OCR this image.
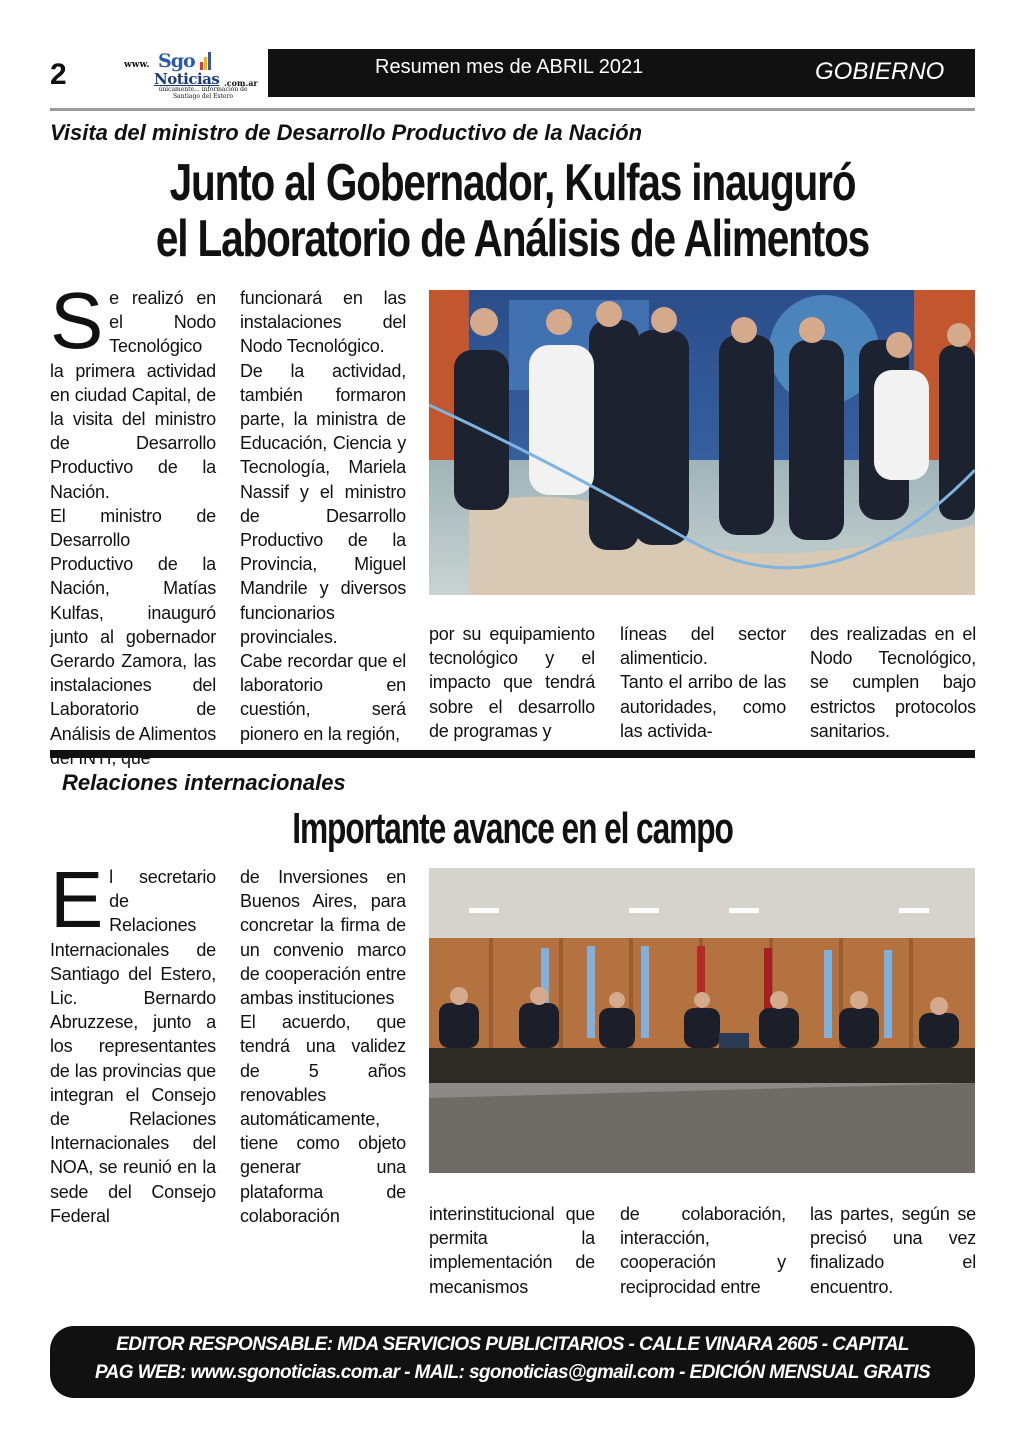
2	www. Sgo
Noticias .com.ar
únicamente... información de
Santiago del Estero
Resumen mes de ABRIL 2021	GOBIERNO
Visita del ministro de Desarrollo Productivo de la Nación
Junto al Gobernador, Kulfas inauguró
el Laboratorio de Análisis de Alimentos

Se realizó en el Nodo Tecnológico la primera actividad en ciudad Capital, de la visita del ministro de Desarrollo Productivo de la Nación.

El ministro de Desarrollo Productivo de la Nación, Matías Kulfas, inauguró junto al gobernador Gerardo Zamora, las instalaciones del Laboratorio de Análisis de Alimentos

funcionará en las instalaciones del Nodo Tecnológico.

De la actividad, también formaron parte, la ministra de Educación, Ciencia y Tecnología, Mariela Nassif y el ministro de Desarrollo Productivo de la Provincia, Miguel Mandrile y diversos funcionarios provinciales.

Cabe recordar que el laboratorio en cuestión, será pionero en la región,

por su equipamiento tecnológico y el impacto que tendrá sobre el desarrollo de programas y

líneas del sector alimenticio.

Tanto el arribo de las autoridades, como las activida-

des realizadas en el Nodo Tecnológico, se cumplen bajo estrictos protocolos sanitarios.
Relaciones internacionales
Importante avance en el campo

El secretario de Relaciones Internacionales de Santiago del Estero, Lic. Bernardo Abruzzese, junto a los representantes de las provincias que integran el Consejo de Relaciones Internacionales del NOA, se reunió en la sede del Consejo Federal

de Inversiones en Buenos Aires, para concretar la firma de un convenio marco de cooperación entre ambas instituciones

El acuerdo, que tendrá una validez de 5 años renovables automáticamente, tiene como objeto generar una plataforma de colaboración	interinstitucional que permita la implementación de mecanismos
de colaboración, interacción, cooperación y reciprocidad entre
las partes, según se precisó una vez finalizado el encuentro.
EDITOR RESPONSABLE: MDA SERVICIOS PUBLICITARIOS - CALLE VINARA 2605 - CAPITAL
PAG WEB: www.sgonoticias.com.ar - MAIL: sgonoticias@gmail.com - EDICIÓN MENSUAL GRATIS
